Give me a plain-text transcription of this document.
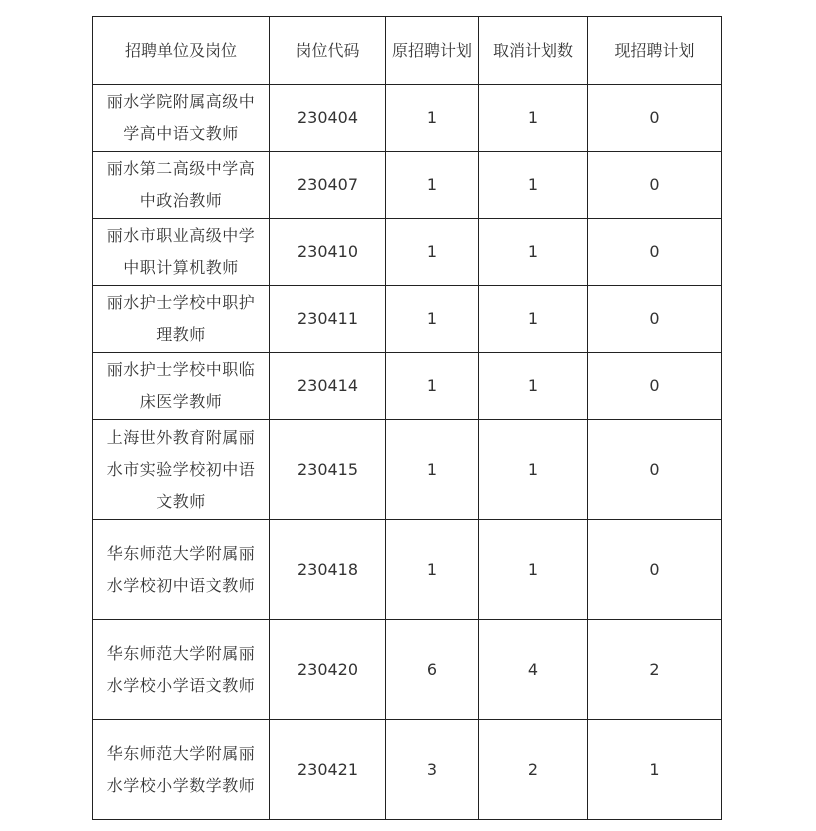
招聘单位及岗位	岗位代码	原招聘计划	取消计划数	现招聘计划
丽水学院附属高级中学高中语文教师	230404	1	1	0
丽水第二高级中学高中政治教师	230407	1	1	0
丽水市职业高级中学中职计算机教师	230410	1	1	0
丽水护士学校中职护理教师	230411	1	1	0
丽水护士学校中职临床医学教师	230414	1	1	0
上海世外教育附属丽水市实验学校初中语文教师	230415	1	1	0
华东师范大学附属丽水学校初中语文教师	230418	1	1	0
华东师范大学附属丽水学校小学语文教师	230420	6	4	2
华东师范大学附属丽水学校小学数学教师	230421	3	2	1
